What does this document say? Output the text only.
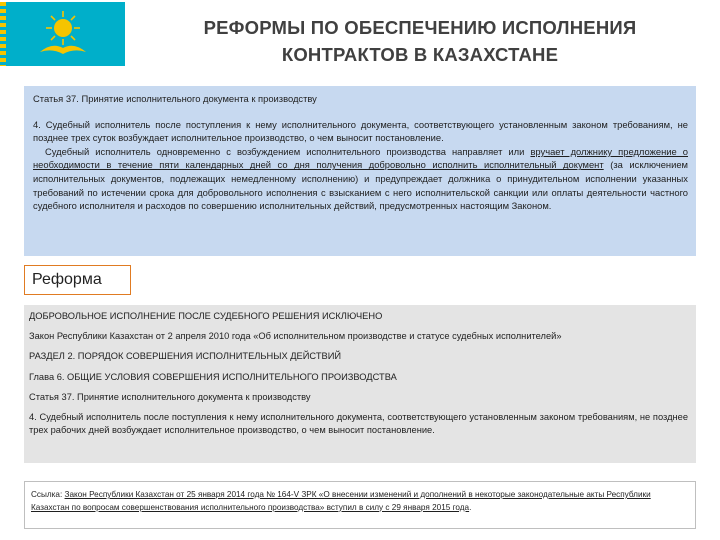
РЕФОРМЫ ПО ОБЕСПЕЧЕНИЮ ИСПОЛНЕНИЯ
КОНТРАКТОВ В КАЗАХСТАНЕ
Статья 37. Принятие исполнительного документа к производству

4. Судебный исполнитель после поступления к нему исполнительного документа, соответствующего установленным законом требованиям, не позднее трех суток возбуждает исполнительное производство, о чем выносит постановление.

Судебный исполнитель одновременно с возбуждением исполнительного производства направляет или вручает должнику предложение о необходимости в течение пяти календарных дней со дня получения добровольно исполнить исполнительный документ (за исключением исполнительных документов, подлежащих немедленному исполнению) и предупреждает должника о принудительном исполнении указанных требований по истечении срока для добровольного исполнения с взысканием с него исполнительской санкции или оплаты деятельности частного судебного исполнителя и расходов по совершению исполнительных действий, предусмотренных настоящим Законом.

Реформа
ДОБРОВОЛЬНОЕ ИСПОЛНЕНИЕ ПОСЛЕ СУДЕБНОГО РЕШЕНИЯ ИСКЛЮЧЕНО
Закон Республики Казахстан от 2 апреля 2010 года «Об исполнительном производстве и статусе судебных исполнителей»
РАЗДЕЛ 2. ПОРЯДОК СОВЕРШЕНИЯ ИСПОЛНИТЕЛЬНЫХ ДЕЙСТВИЙ
Глава 6. ОБЩИЕ УСЛОВИЯ СОВЕРШЕНИЯ ИСПОЛНИТЕЛЬНОГО ПРОИЗВОДСТВА
Статья 37. Принятие исполнительного документа к производству
4. Судебный исполнитель после поступления к нему исполнительного документа, соответствующего установленным законом требованиям, не позднее трех рабочих дней возбуждает исполнительное производство, о чем выносит постановление.
Ссылка: Закон Республики Казахстан от 25 января 2014 года № 164-V ЗРК «О внесении изменений и дополнений в некоторые законодательные акты Республики Казахстан по вопросам совершенствования исполнительного производства» вступил в силу с 29 января 2015 года.
